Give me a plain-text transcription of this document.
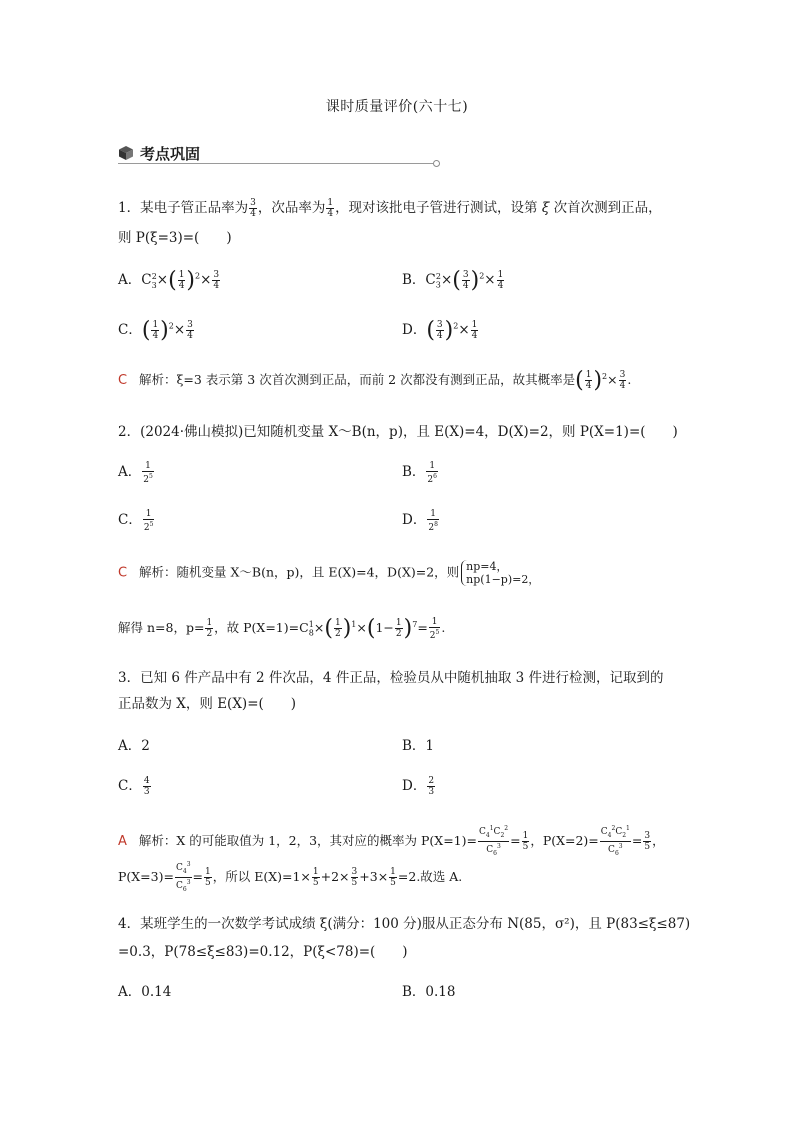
课时质量评价(六十七)
考点巩固
1．某电子管正品率为 $\frac{3}{4}$ ，次品率为 $\frac{1}{4}$ ，现对该批电子管进行测试，设第 ξ 次首次测到正品，
则 P(ξ=3)=(　　)
A．$C_3^2\times( \frac{1}{4} )^2\times \frac{3}{4}$	B．$C_3^2\times( \frac{3}{4} )^2\times \frac{1}{4}$
C．( $\frac{1}{4} )^2\times \frac{3}{4}$	D．( $\frac{3}{4} )^2\times \frac{1}{4}$
C 解析：ξ=3 表示第 3 次首次测到正品，而前 2 次都没有测到正品，故其概率是( $\frac{1}{4} )^2\times \frac{3}{4}$ .
2．(2024·佛山模拟)已知随机变量 X～B(n，p)，且 E(X)=4，D(X)=2，则 P(X=1)=(　　)
A． $\frac{1}{2^5}$	B． $\frac{1}{2^6}$
C． $\frac{1}{2^5}$	D． $\frac{1}{2^8}$
C 解析：随机变量 X～B(n，p)，且 E(X)=4，D(X)=2，则 np=4，
np(1−p)=2，
解得 n=8，$p= \frac{1}{2}$ ，故 $P(X=1)=C_8^1\times( \frac{1}{2} )^1\times(1- \frac{1}{2} )^7= \frac{1}{2^5}$ .
3．已知 6 件产品中有 2 件次品，4 件正品，检验员从中随机抽取 3 件进行检测，记取到的
正品数为 X，则 E(X)=(　　)
A．2	B．1
C． $\frac{4}{3}$	D． $\frac{2}{3}$
A 解析：X 的可能取值为 1，2，3，其对应的概率为 $P(X=1)= \frac{C_4^1C_2^2}{C_6^3} = \frac{1}{5}$ ，$P(X=2)= \frac{C_4^2C_2^1}{C_6^3} = \frac{3}{5}$ ，
$P(X=3)= \frac{C_4^3}{C_6^3} = \frac{1}{5}$ ，所以 $E(X)=1\times \frac{1}{5} +2\times \frac{3}{5} +3\times \frac{1}{5} =2$.故选 A.
4．某班学生的一次数学考试成绩 ξ(满分：100 分)服从正态分布 N(85，σ²)，且 P(83≤ξ≤87)
=0.3，P(78≤ξ≤83)=0.12，P(ξ<78)=(　　)
A．0.14	B．0.18
